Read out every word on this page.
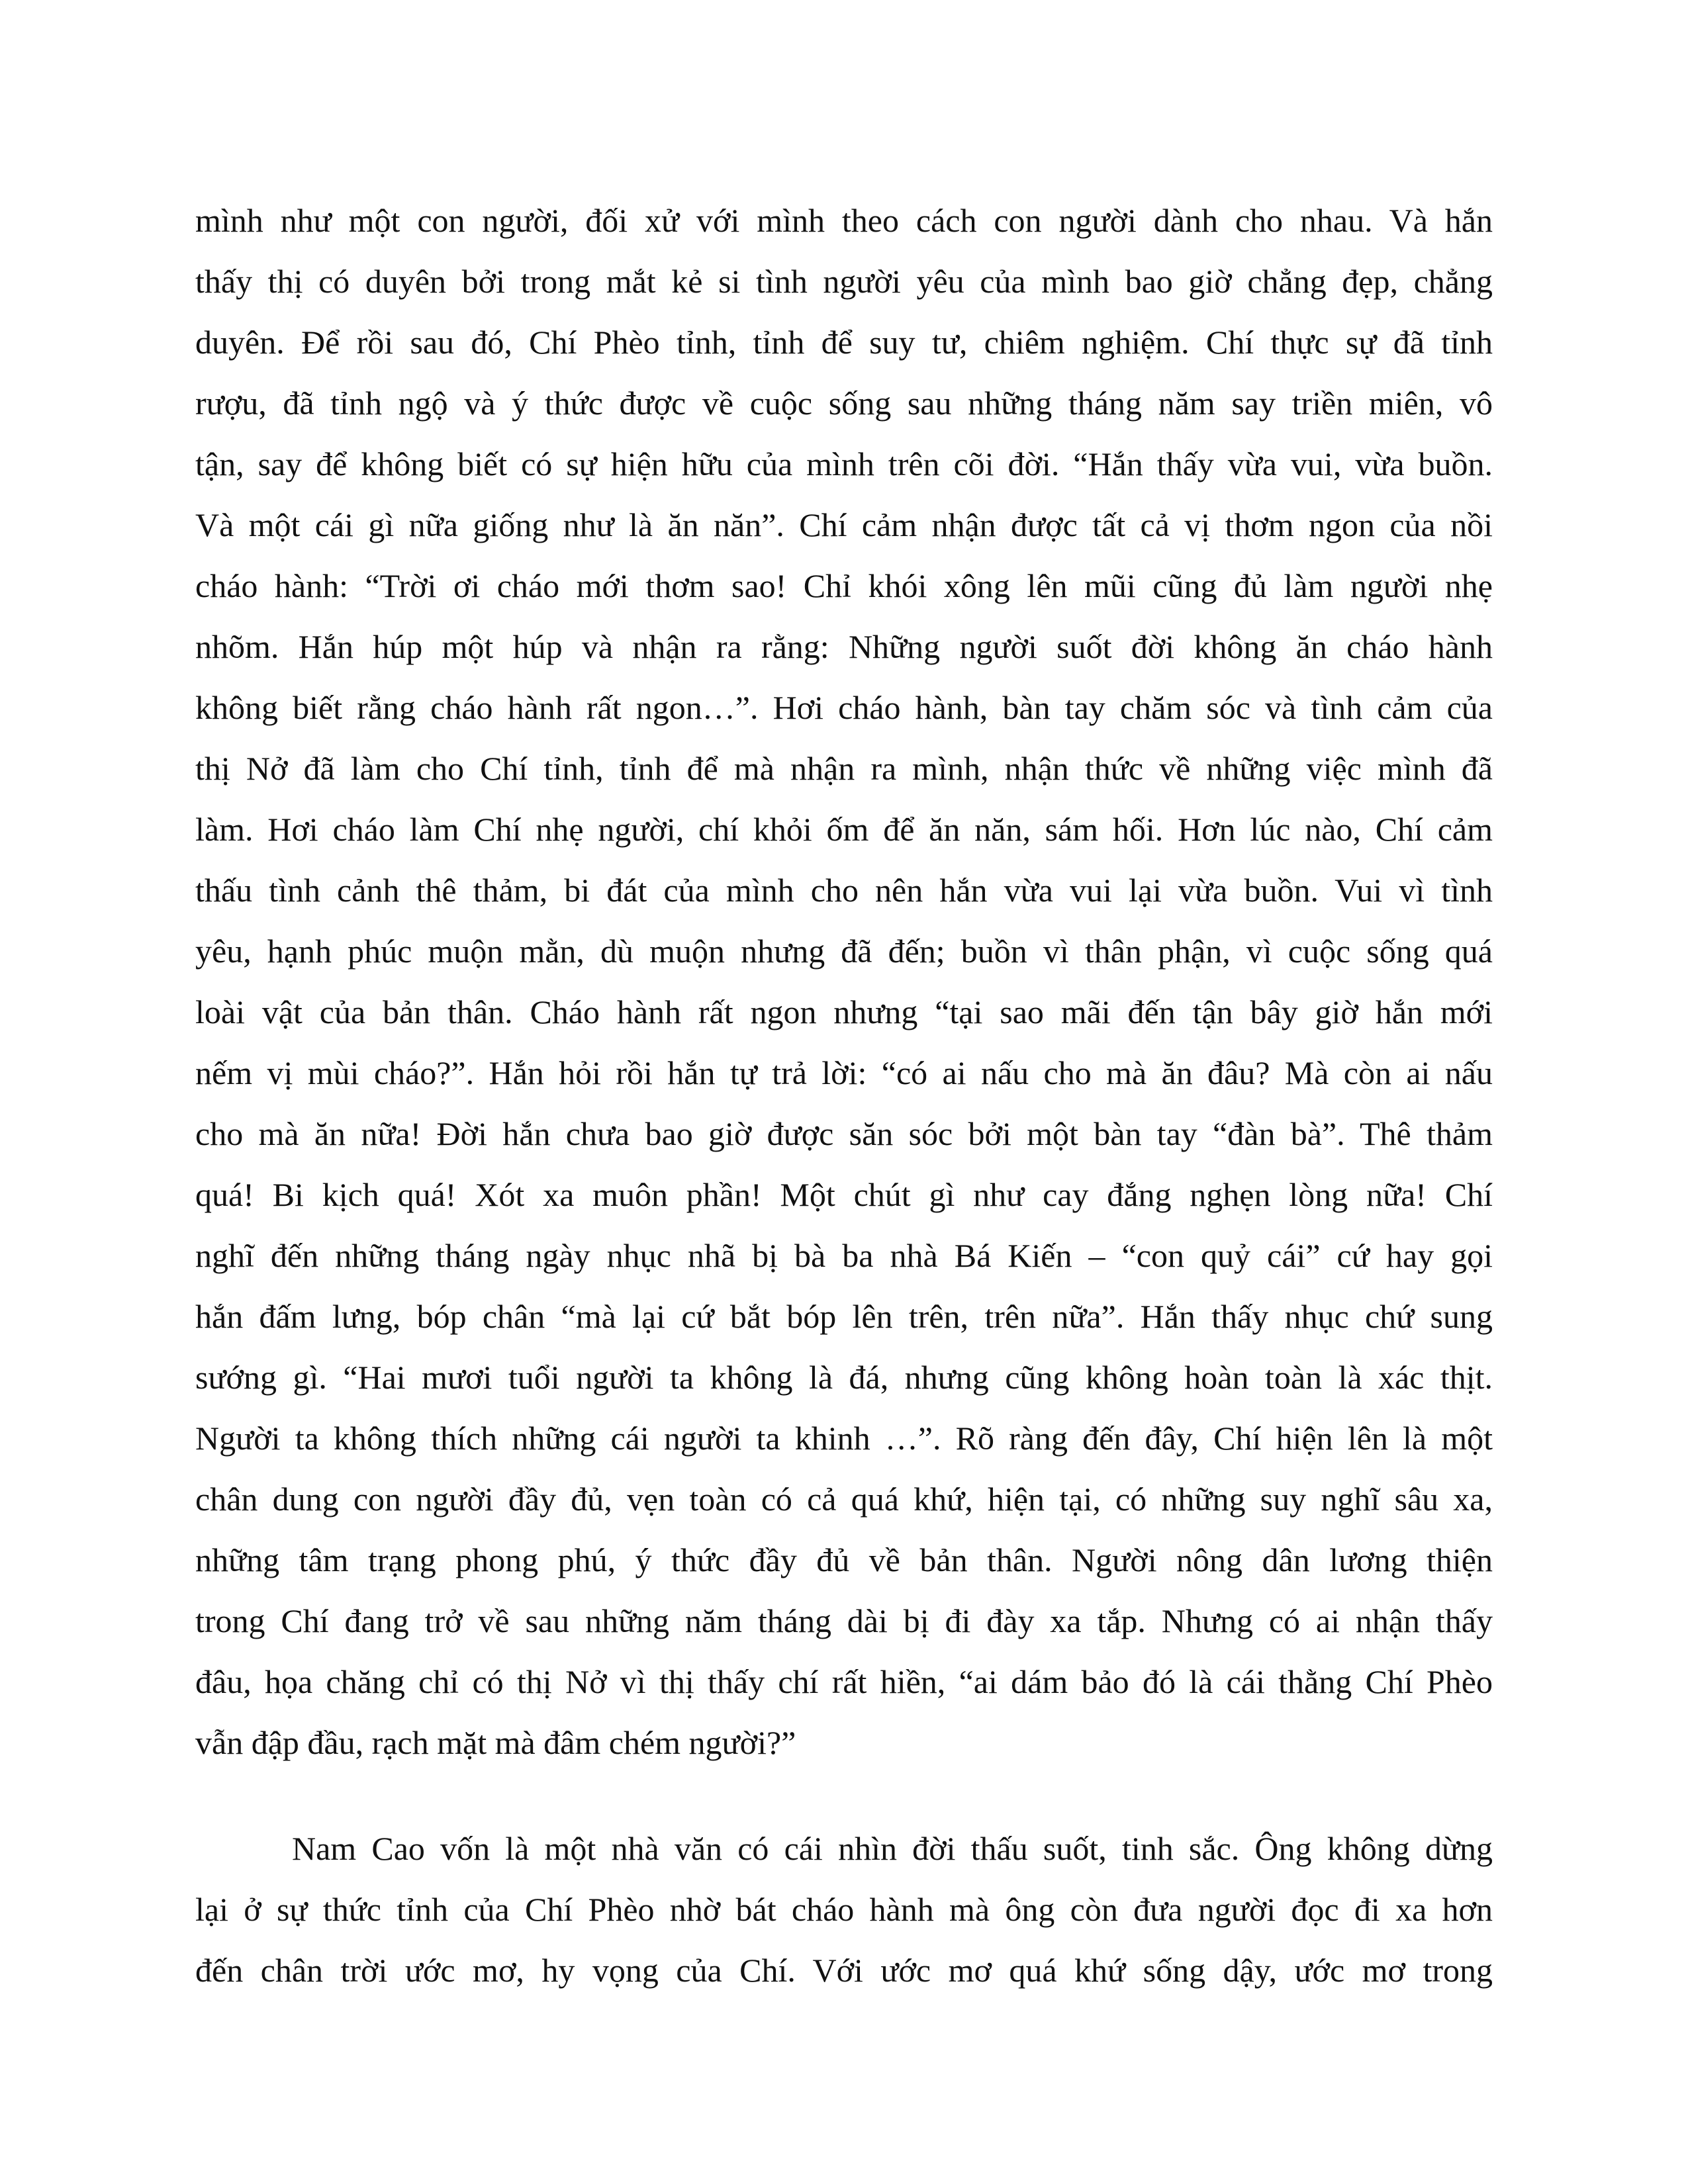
mình như một con người, đối xử với mình theo cách con người dành cho nhau. Và hắn
thấy thị có duyên bởi trong mắt kẻ si tình người yêu của mình bao giờ chẳng đẹp, chẳng
duyên. Để rồi sau đó, Chí Phèo tỉnh, tỉnh để suy tư, chiêm nghiệm. Chí thực sự đã tỉnh
rượu, đã tỉnh ngộ và ý thức được về cuộc sống sau những tháng năm say triền miên, vô
tận, say để không biết có sự hiện hữu của mình trên cõi đời. “Hắn thấy vừa vui, vừa buồn.
Và một cái gì nữa giống như là ăn năn”. Chí cảm nhận được tất cả vị thơm ngon của nồi
cháo hành: “Trời ơi cháo mới thơm sao! Chỉ khói xông lên mũi cũng đủ làm người nhẹ
nhõm. Hắn húp một húp và nhận ra rằng: Những người suốt đời không ăn cháo hành
không biết rằng cháo hành rất ngon…”. Hơi cháo hành, bàn tay chăm sóc và tình cảm của
thị Nở đã làm cho Chí tỉnh, tỉnh để mà nhận ra mình, nhận thức về những việc mình đã
làm. Hơi cháo làm Chí nhẹ người, chí khỏi ốm để ăn năn, sám hối. Hơn lúc nào, Chí cảm
thấu tình cảnh thê thảm, bi đát của mình cho nên hắn vừa vui lại vừa buồn. Vui vì tình
yêu, hạnh phúc muộn mằn, dù muộn nhưng đã đến; buồn vì thân phận, vì cuộc sống quá
loài vật của bản thân. Cháo hành rất ngon nhưng “tại sao mãi đến tận bây giờ hắn mới
nếm vị mùi cháo?”. Hắn hỏi rồi hắn tự trả lời: “có ai nấu cho mà ăn đâu? Mà còn ai nấu
cho mà ăn nữa! Đời hắn chưa bao giờ được săn sóc bởi một bàn tay “đàn bà”. Thê thảm
quá! Bi kịch quá! Xót xa muôn phần! Một chút gì như cay đắng nghẹn lòng nữa! Chí
nghĩ đến những tháng ngày nhục nhã bị bà ba nhà Bá Kiến – “con quỷ cái” cứ hay gọi
hắn đấm lưng, bóp chân “mà lại cứ bắt bóp lên trên, trên nữa”. Hắn thấy nhục chứ sung
sướng gì. “Hai mươi tuổi người ta không là đá, nhưng cũng không hoàn toàn là xác thịt.
Người ta không thích những cái người ta khinh …”. Rõ ràng đến đây, Chí hiện lên là một
chân dung con người đầy đủ, vẹn toàn có cả quá khứ, hiện tại, có những suy nghĩ sâu xa,
những tâm trạng phong phú, ý thức đầy đủ về bản thân. Người nông dân lương thiện
trong Chí đang trở về sau những năm tháng dài bị đi đày xa tắp. Nhưng có ai nhận thấy
đâu, họa chăng chỉ có thị Nở vì thị thấy chí rất hiền, “ai dám bảo đó là cái thằng Chí Phèo
vẫn đập đầu, rạch mặt mà đâm chém người?”
Nam Cao vốn là một nhà văn có cái nhìn đời thấu suốt, tinh sắc. Ông không dừng
lại ở sự thức tỉnh của Chí Phèo nhờ bát cháo hành mà ông còn đưa người đọc đi xa hơn
đến chân trời ước mơ, hy vọng của Chí. Với ước mơ quá khứ sống dậy, ước mơ trong
